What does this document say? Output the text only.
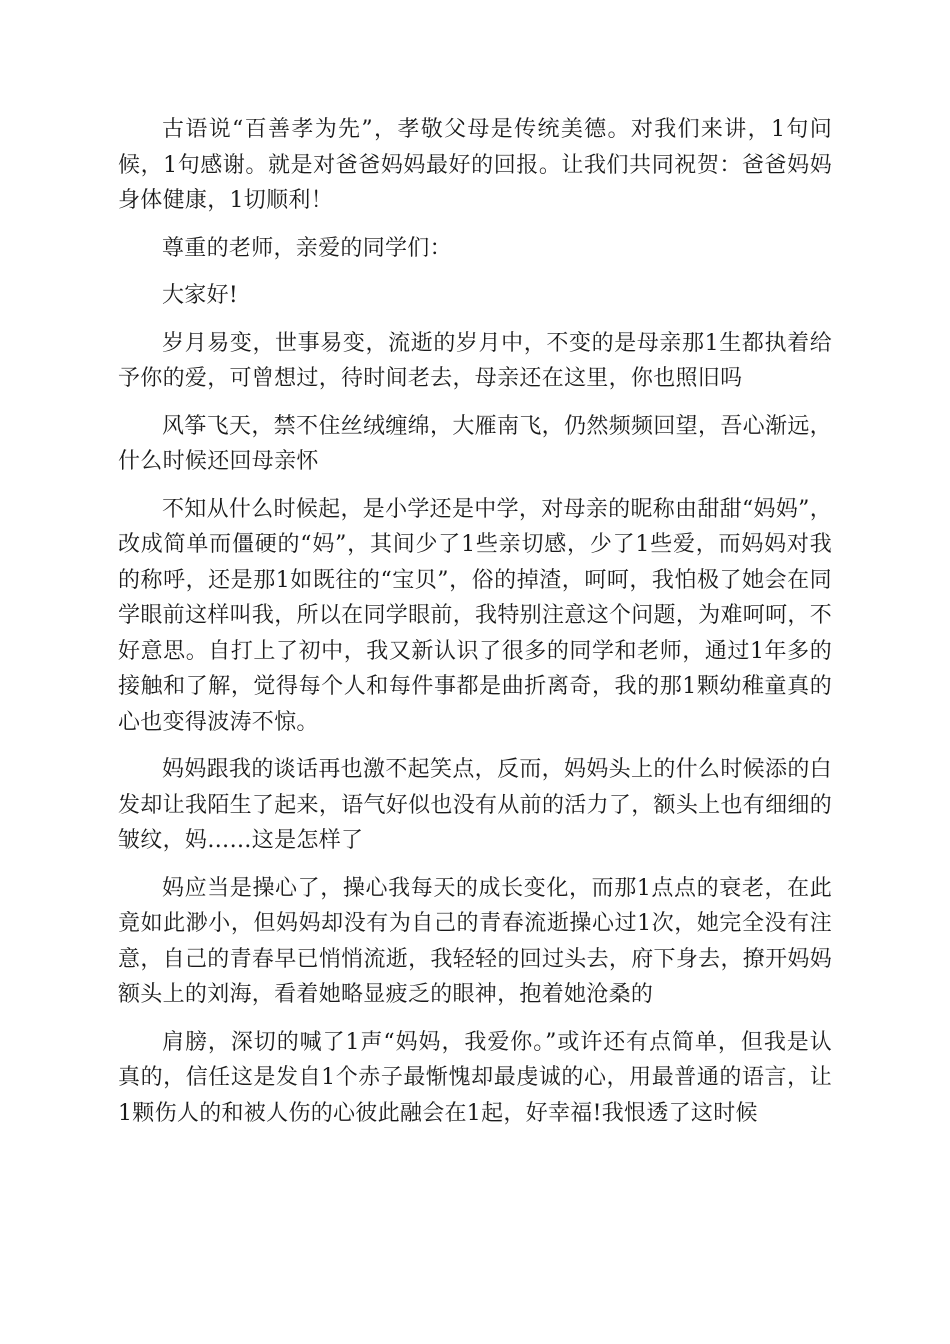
古语说“百善孝为先”，孝敬父母是传统美德。对我们来讲，1句问候，1句感谢。就是对爸爸妈妈最好的回报。让我们共同祝贺：爸爸妈妈身体健康，1切顺利！

尊重的老师，亲爱的同学们：

大家好!

岁月易变，世事易变，流逝的岁月中，不变的是母亲那1生都执着给予你的爱，可曾想过，待时间老去，母亲还在这里，你也照旧吗

风筝飞天，禁不住丝绒缠绵，大雁南飞，仍然频频回望，吾心渐远，什么时候还回母亲怀

不知从什么时候起，是小学还是中学，对母亲的昵称由甜甜“妈妈”，改成简单而僵硬的“妈”，其间少了1些亲切感，少了1些爱，而妈妈对我的称呼，还是那1如既往的“宝贝”，俗的掉渣，呵呵，我怕极了她会在同学眼前这样叫我，所以在同学眼前，我特别注意这个问题，为难呵呵，不好意思。自打上了初中，我又新认识了很多的同学和老师，通过1年多的接触和了解，觉得每个人和每件事都是曲折离奇，我的那1颗幼稚童真的心也变得波涛不惊。

妈妈跟我的谈话再也激不起笑点，反而，妈妈头上的什么时候添的白发却让我陌生了起来，语气好似也没有从前的活力了，额头上也有细细的皱纹，妈……这是怎样了

妈应当是操心了，操心我每天的成长变化，而那1点点的衰老，在此竟如此渺小，但妈妈却没有为自己的青春流逝操心过1次，她完全没有注意，自己的青春早已悄悄流逝，我轻轻的回过头去，府下身去，撩开妈妈额头上的刘海，看着她略显疲乏的眼神，抱着她沧桑的

肩膀，深切的喊了1声“妈妈，我爱你。”或许还有点简单，但我是认真的，信任这是发自1个赤子最惭愧却最虔诚的心，用最普通的语言，让1颗伤人的和被人伤的心彼此融会在1起，好幸福!我恨透了这时候
